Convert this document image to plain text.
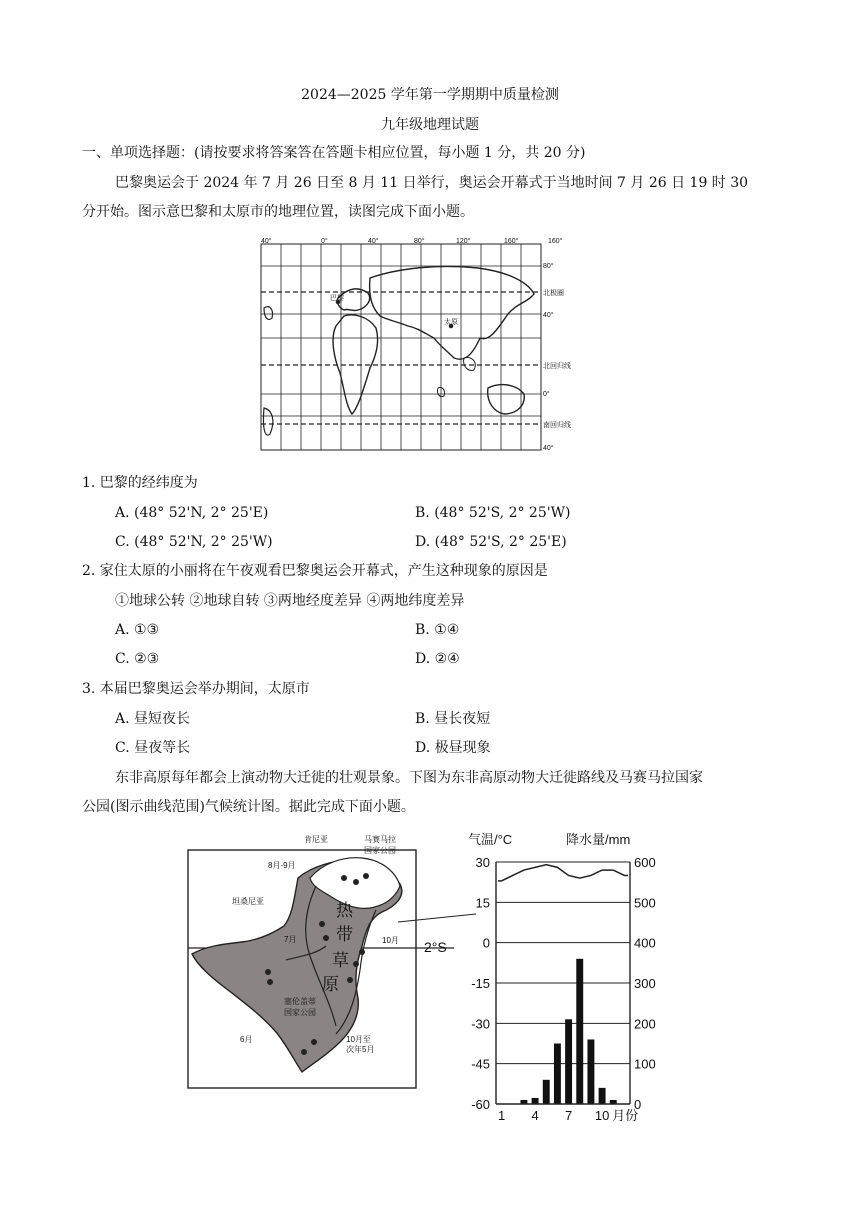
2024—2025 学年第一学期期中质量检测
九年级地理试题
一、单项选择题：(请按要求将答案答在答题卡相应位置，每小题 1 分，共 20 分)
巴黎奥运会于 2024 年 7 月 26 日至 8 月 11 日举行，奥运会开幕式于当地时间 7 月 26 日 19 时 30
分开始。图示意巴黎和太原市的地理位置，读图完成下面小题。
40°	0°	40°	80°	120°	160°	160°
80°
北极圈
40°
北回归线
0°
南回归线
40°
巴黎
太原
1. 巴黎的经纬度为
A. (48° 52'N, 2° 25'E)	B. (48° 52'S, 2° 25'W)
C. (48° 52'N, 2° 25'W)	D. (48° 52'S, 2° 25'E)
2. 家住太原的小丽将在午夜观看巴黎奥运会开幕式，产生这种现象的原因是
①地球公转 ②地球自转 ③两地经度差异 ④两地纬度差异
A. ①③	B. ①④
C. ②③	D. ②④
3. 本届巴黎奥运会举办期间，太原市
A. 昼短夜长	B. 昼长夜短
C. 昼夜等长	D. 极昼现象
东非高原每年都会上演动物大迁徙的壮观景象。下图为东非高原动物大迁徙路线及马赛马拉国家
公园(图示曲线范围)气候统计图。据此完成下面小题。
肯尼亚	马赛马拉
国家公园
8月-9月
坦桑尼亚
10月
7月
6月	10月至
次年5月
塞伦盖蒂
国家公园
热
带
草
原
2°S
气温/°C	降水量/mm
30
15
0
-15
-30
-45
-60
600
500
400
300
200
100
0
1 4 7 10 月份
